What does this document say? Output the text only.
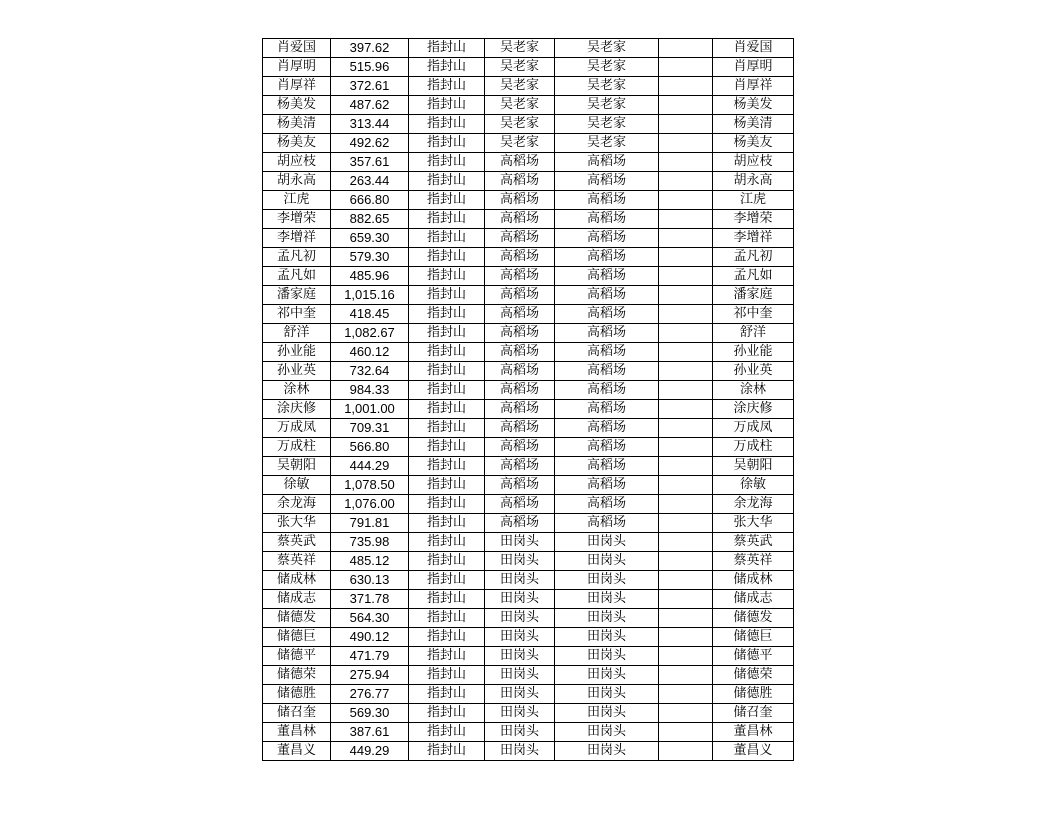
肖爱国	397.62	指封山	吴老家	吴老家		肖爱国
肖厚明	515.96	指封山	吴老家	吴老家		肖厚明
肖厚祥	372.61	指封山	吴老家	吴老家		肖厚祥
杨美发	487.62	指封山	吴老家	吴老家		杨美发
杨美清	313.44	指封山	吴老家	吴老家		杨美清
杨美友	492.62	指封山	吴老家	吴老家		杨美友
胡应枝	357.61	指封山	高稻场	高稻场		胡应枝
胡永高	263.44	指封山	高稻场	高稻场		胡永高
江虎	666.80	指封山	高稻场	高稻场		江虎
李增荣	882.65	指封山	高稻场	高稻场		李增荣
李增祥	659.30	指封山	高稻场	高稻场		李增祥
孟凡初	579.30	指封山	高稻场	高稻场		孟凡初
孟凡如	485.96	指封山	高稻场	高稻场		孟凡如
潘家庭	1,015.16	指封山	高稻场	高稻场		潘家庭
祁中奎	418.45	指封山	高稻场	高稻场		祁中奎
舒洋	1,082.67	指封山	高稻场	高稻场		舒洋
孙业能	460.12	指封山	高稻场	高稻场		孙业能
孙业英	732.64	指封山	高稻场	高稻场		孙业英
涂林	984.33	指封山	高稻场	高稻场		涂林
涂庆修	1,001.00	指封山	高稻场	高稻场		涂庆修
万成凤	709.31	指封山	高稻场	高稻场		万成凤
万成柱	566.80	指封山	高稻场	高稻场		万成柱
吴朝阳	444.29	指封山	高稻场	高稻场		吴朝阳
徐敏	1,078.50	指封山	高稻场	高稻场		徐敏
余龙海	1,076.00	指封山	高稻场	高稻场		余龙海
张大华	791.81	指封山	高稻场	高稻场		张大华
蔡英武	735.98	指封山	田岗头	田岗头		蔡英武
蔡英祥	485.12	指封山	田岗头	田岗头		蔡英祥
储成林	630.13	指封山	田岗头	田岗头		储成林
储成志	371.78	指封山	田岗头	田岗头		储成志
储德发	564.30	指封山	田岗头	田岗头		储德发
储德巨	490.12	指封山	田岗头	田岗头		储德巨
储德平	471.79	指封山	田岗头	田岗头		储德平
储德荣	275.94	指封山	田岗头	田岗头		储德荣
储德胜	276.77	指封山	田岗头	田岗头		储德胜
储召奎	569.30	指封山	田岗头	田岗头		储召奎
董昌林	387.61	指封山	田岗头	田岗头		董昌林
董昌义	449.29	指封山	田岗头	田岗头		董昌义
